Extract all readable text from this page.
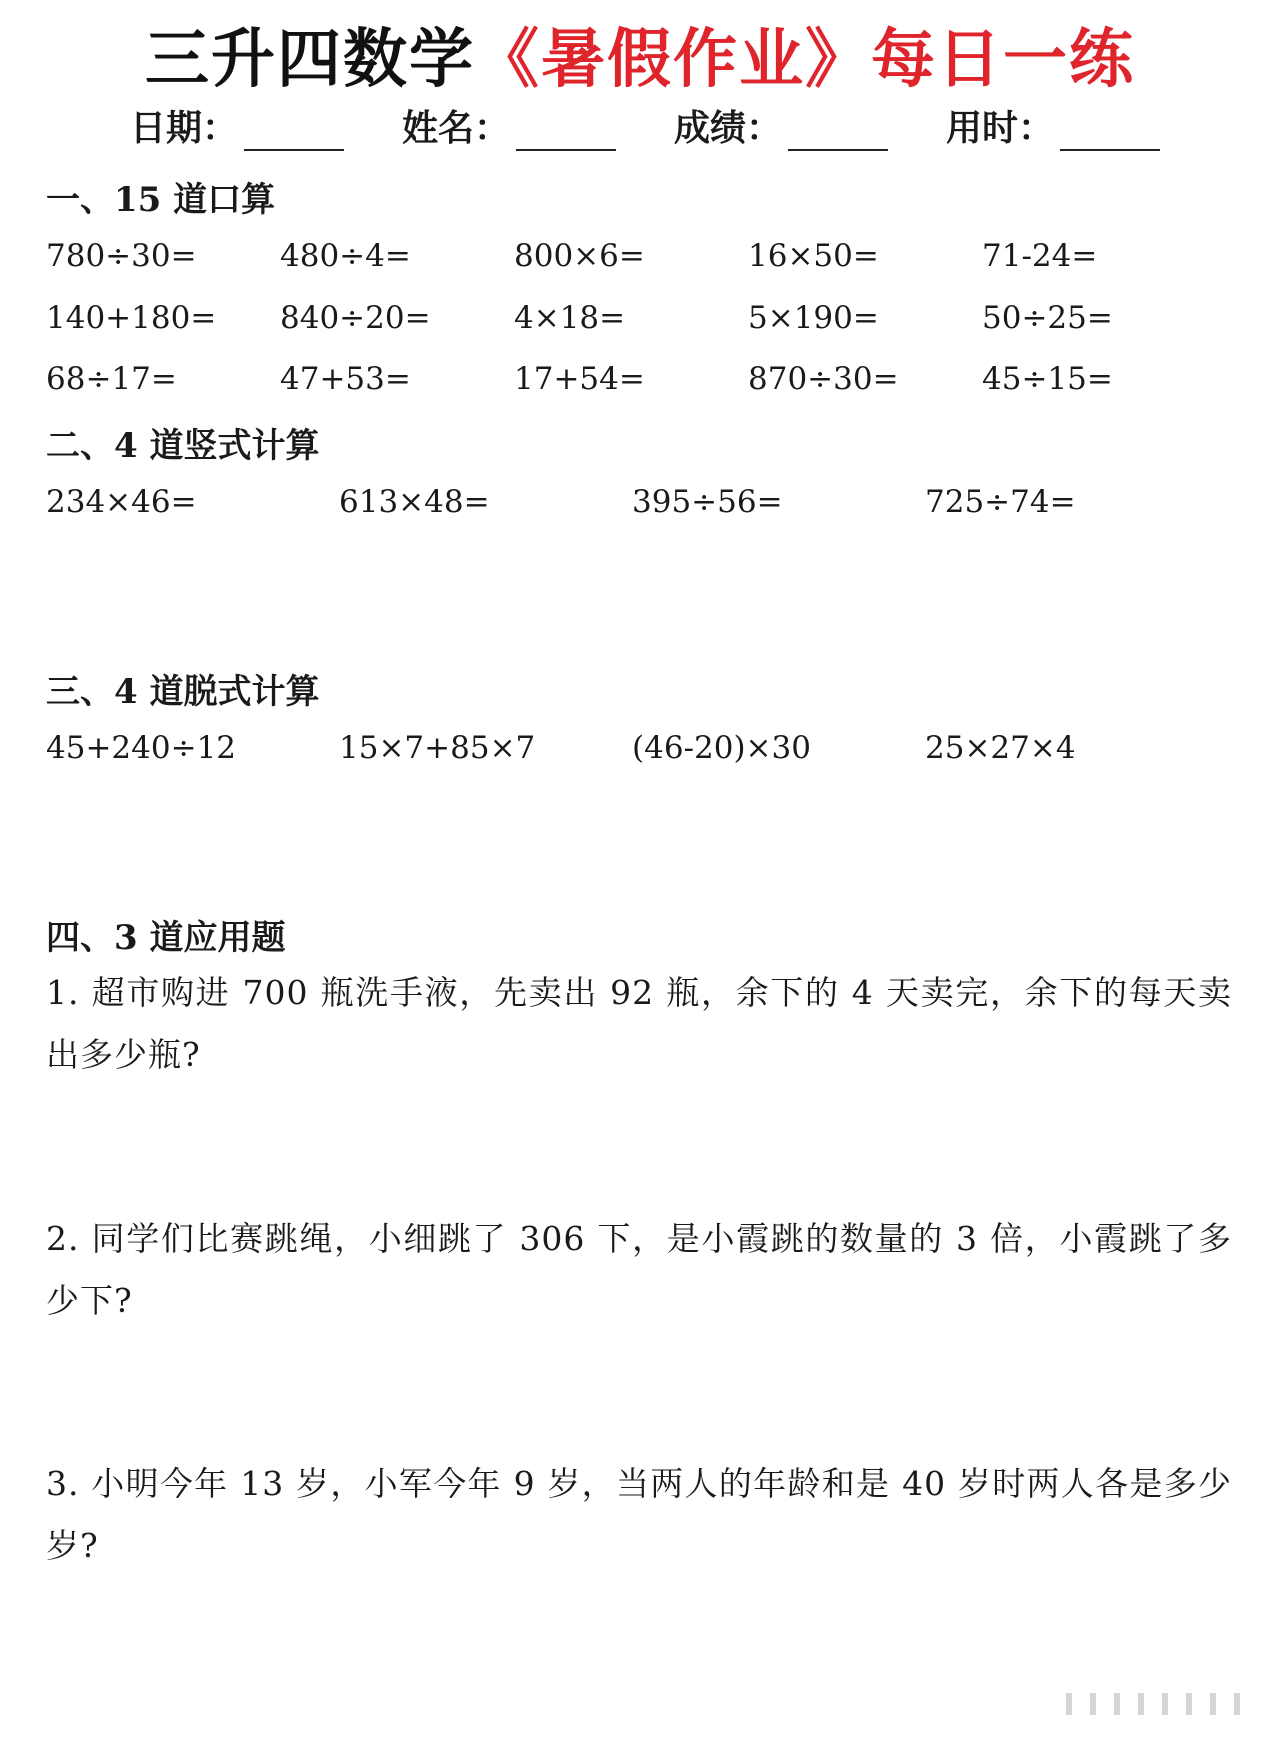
三升四数学《暑假作业》每日一练
日期：	姓名：	成绩：	用时：
一、15 道口算
780÷30=	480÷4=	800×6=	16×50=	71-24=
140+180=	840÷20=	4×18=	5×190=	50÷25=
68÷17=	47+53=	17+54=	870÷30=	45÷15=
二、4 道竖式计算
234×46=	613×48=	395÷56=	725÷74=
三、4 道脱式计算
45+240÷12	15×7+85×7	(46-20)×30	25×27×4
四、3 道应用题
1. 超市购进 700 瓶洗手液，先卖出 92 瓶，余下的 4 天卖完，余下的每天卖出多少瓶?
2. 同学们比赛跳绳，小细跳了 306 下，是小霞跳的数量的 3 倍，小霞跳了多少下?
3. 小明今年 13 岁，小军今年 9 岁，当两人的年龄和是 40 岁时两人各是多少岁?
